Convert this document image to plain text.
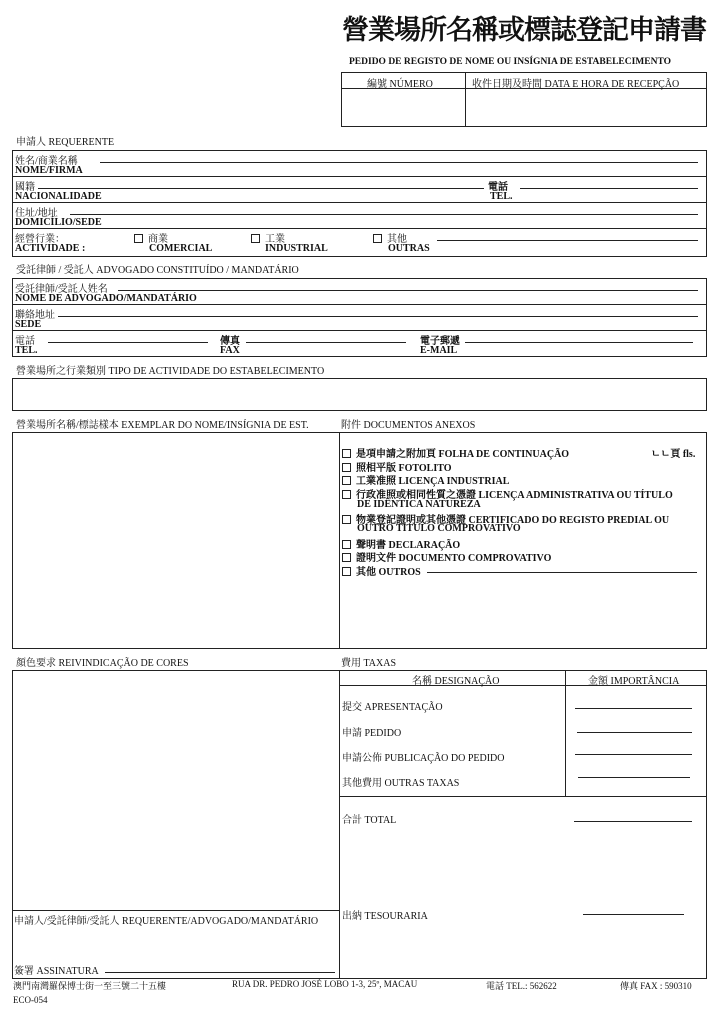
營業場所名稱或標誌登記申請書
PEDIDO DE REGISTO DE NOME OU INSÍGNIA DE ESTABELECIMENTO
編號 NÚMERO	收件日期及時間 DATA E HORA DE RECEPÇÃO
申請人 REQUERENTE
姓名/商業名稱
NOME/FIRMA
國籍
NACIONALIDADE
電話
TEL.
住址/地址
DOMICÍLIO/SEDE
經營行業：
ACTIVIDADE :
商業
COMERCIAL
工業
INDUSTRIAL
其他
OUTRAS
受託律師 / 受託人 ADVOGADO CONSTITUÍDO / MANDATÁRIO
受託律師/受託人姓名
NOME DE ADVOGADO/MANDATÁRIO
聯絡地址
SEDE
電話
TEL.
傳真
FAX
電子郵遞
E-MAIL
營業場所之行業類別 TIPO DE ACTIVIDADE DO ESTABELECIMENTO
營業場所名稱/標誌樣本 EXEMPLAR DO NOME/INSÍGNIA DE EST.	附件 DOCUMENTOS ANEXOS
是項申請之附加頁 FOLHA DE CONTINUAÇÃO	ㄴㄴ頁 fls.
照相平版 FOTOLITO
工業准照 LICENÇA INDUSTRIAL
行政准照或相同性質之憑證 LICENÇA ADMINISTRATIVA OU TÍTULO
DE IDÊNTICA NATUREZA
物業登記證明或其他憑證 CERTIFICADO DO REGISTO PREDIAL OU
OUTRO TÍTULO COMPROVATIVO
聲明書 DECLARAÇÃO
證明文件 DOCUMENTO COMPROVATIVO
其他 OUTROS
顏色要求 REIVINDICAÇÃO DE CORES	費用 TAXAS
申請人/受託律師/受託人 REQUERENTE/ADVOGADO/MANDATÁRIO
簽署 ASSINATURA
名稱 DESIGNAÇÃO	金額 IMPORTÂNCIA
提交 APRESENTAÇÃO
申請 PEDIDO
申請公佈 PUBLICAÇÃO DO PEDIDO
其他費用 OUTRAS TAXAS
合計 TOTAL
出納 TESOURARIA
澳門南灣羅保博士街一至三號二十五樓	RUA DR. PEDRO JOSÉ LOBO 1-3, 25º, MACAU	電話 TEL.: 562622	傳真 FAX : 590310
ECO-054
